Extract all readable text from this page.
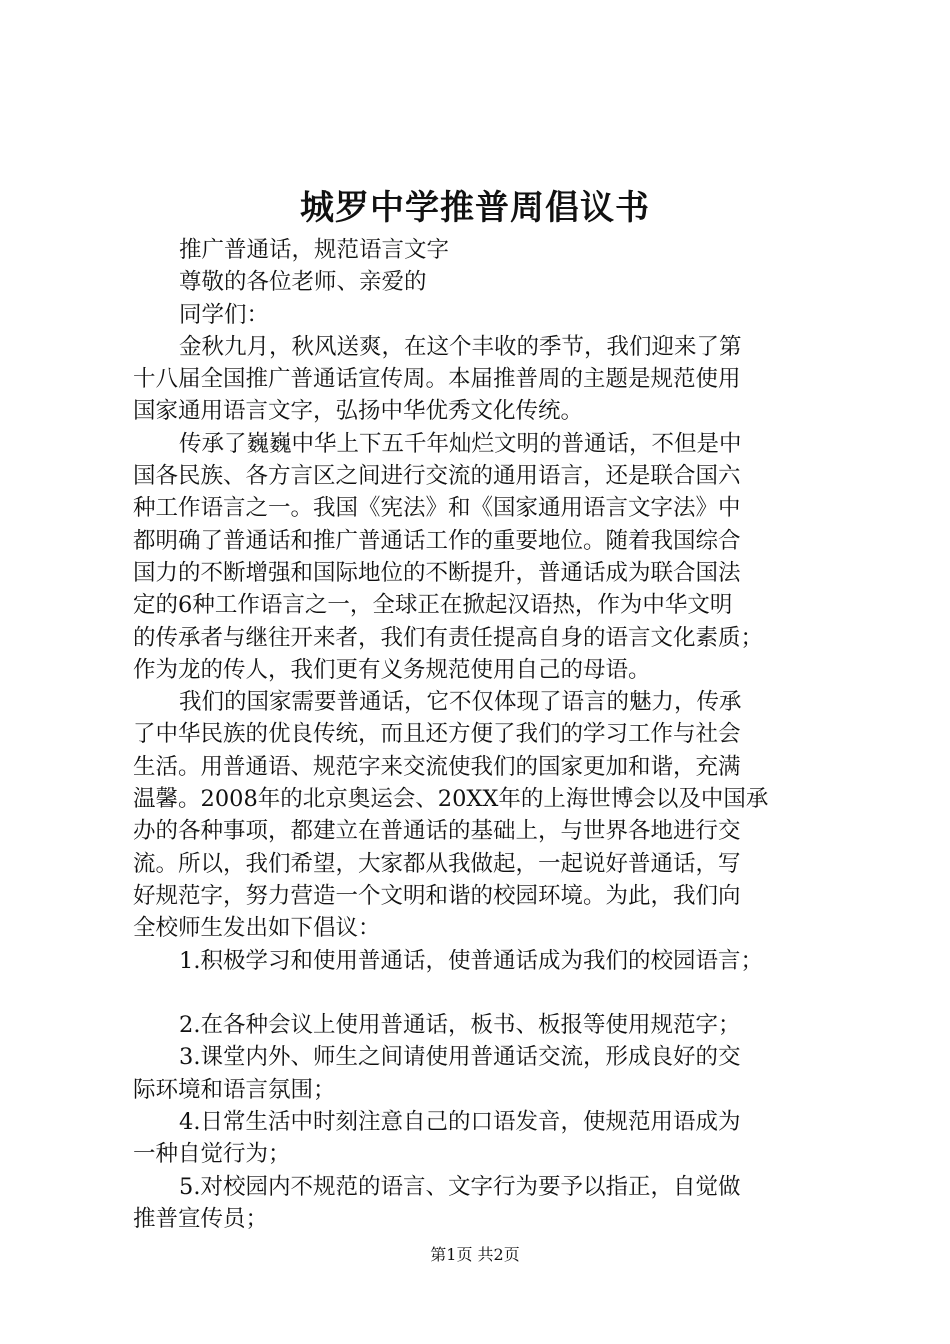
城罗中学推普周倡议书
推广普通话，规范语言文字
尊敬的各位老师、亲爱的
同学们：
金秋九月，秋风送爽，在这个丰收的季节，我们迎来了第
十八届全国推广普通话宣传周。本届推普周的主题是规范使用
国家通用语言文字，弘扬中华优秀文化传统。
传承了巍巍中华上下五千年灿烂文明的普通话，不但是中
国各民族、各方言区之间进行交流的通用语言，还是联合国六
种工作语言之一。我国《宪法》和《国家通用语言文字法》中
都明确了普通话和推广普通话工作的重要地位。随着我国综合
国力的不断增强和国际地位的不断提升，普通话成为联合国法
定的6种工作语言之一，全球正在掀起汉语热，作为中华文明
的传承者与继往开来者，我们有责任提高自身的语言文化素质；
作为龙的传人，我们更有义务规范使用自己的母语。
我们的国家需要普通话，它不仅体现了语言的魅力，传承
了中华民族的优良传统，而且还方便了我们的学习工作与社会
生活。用普通语、规范字来交流使我们的国家更加和谐，充满
温馨。2008年的北京奥运会、20XX年的上海世博会以及中国承
办的各种事项，都建立在普通话的基础上，与世界各地进行交
流。所以，我们希望，大家都从我做起，一起说好普通话，写
好规范字，努力营造一个文明和谐的校园环境。为此，我们向
全校师生发出如下倡议：
1.积极学习和使用普通话，使普通话成为我们的校园语言；
2.在各种会议上使用普通话，板书、板报等使用规范字；
3.课堂内外、师生之间请使用普通话交流，形成良好的交
际环境和语言氛围；
4.日常生活中时刻注意自己的口语发音，使规范用语成为
一种自觉行为；
5.对校园内不规范的语言、文字行为要予以指正，自觉做
推普宣传员；
第1页 共2页
